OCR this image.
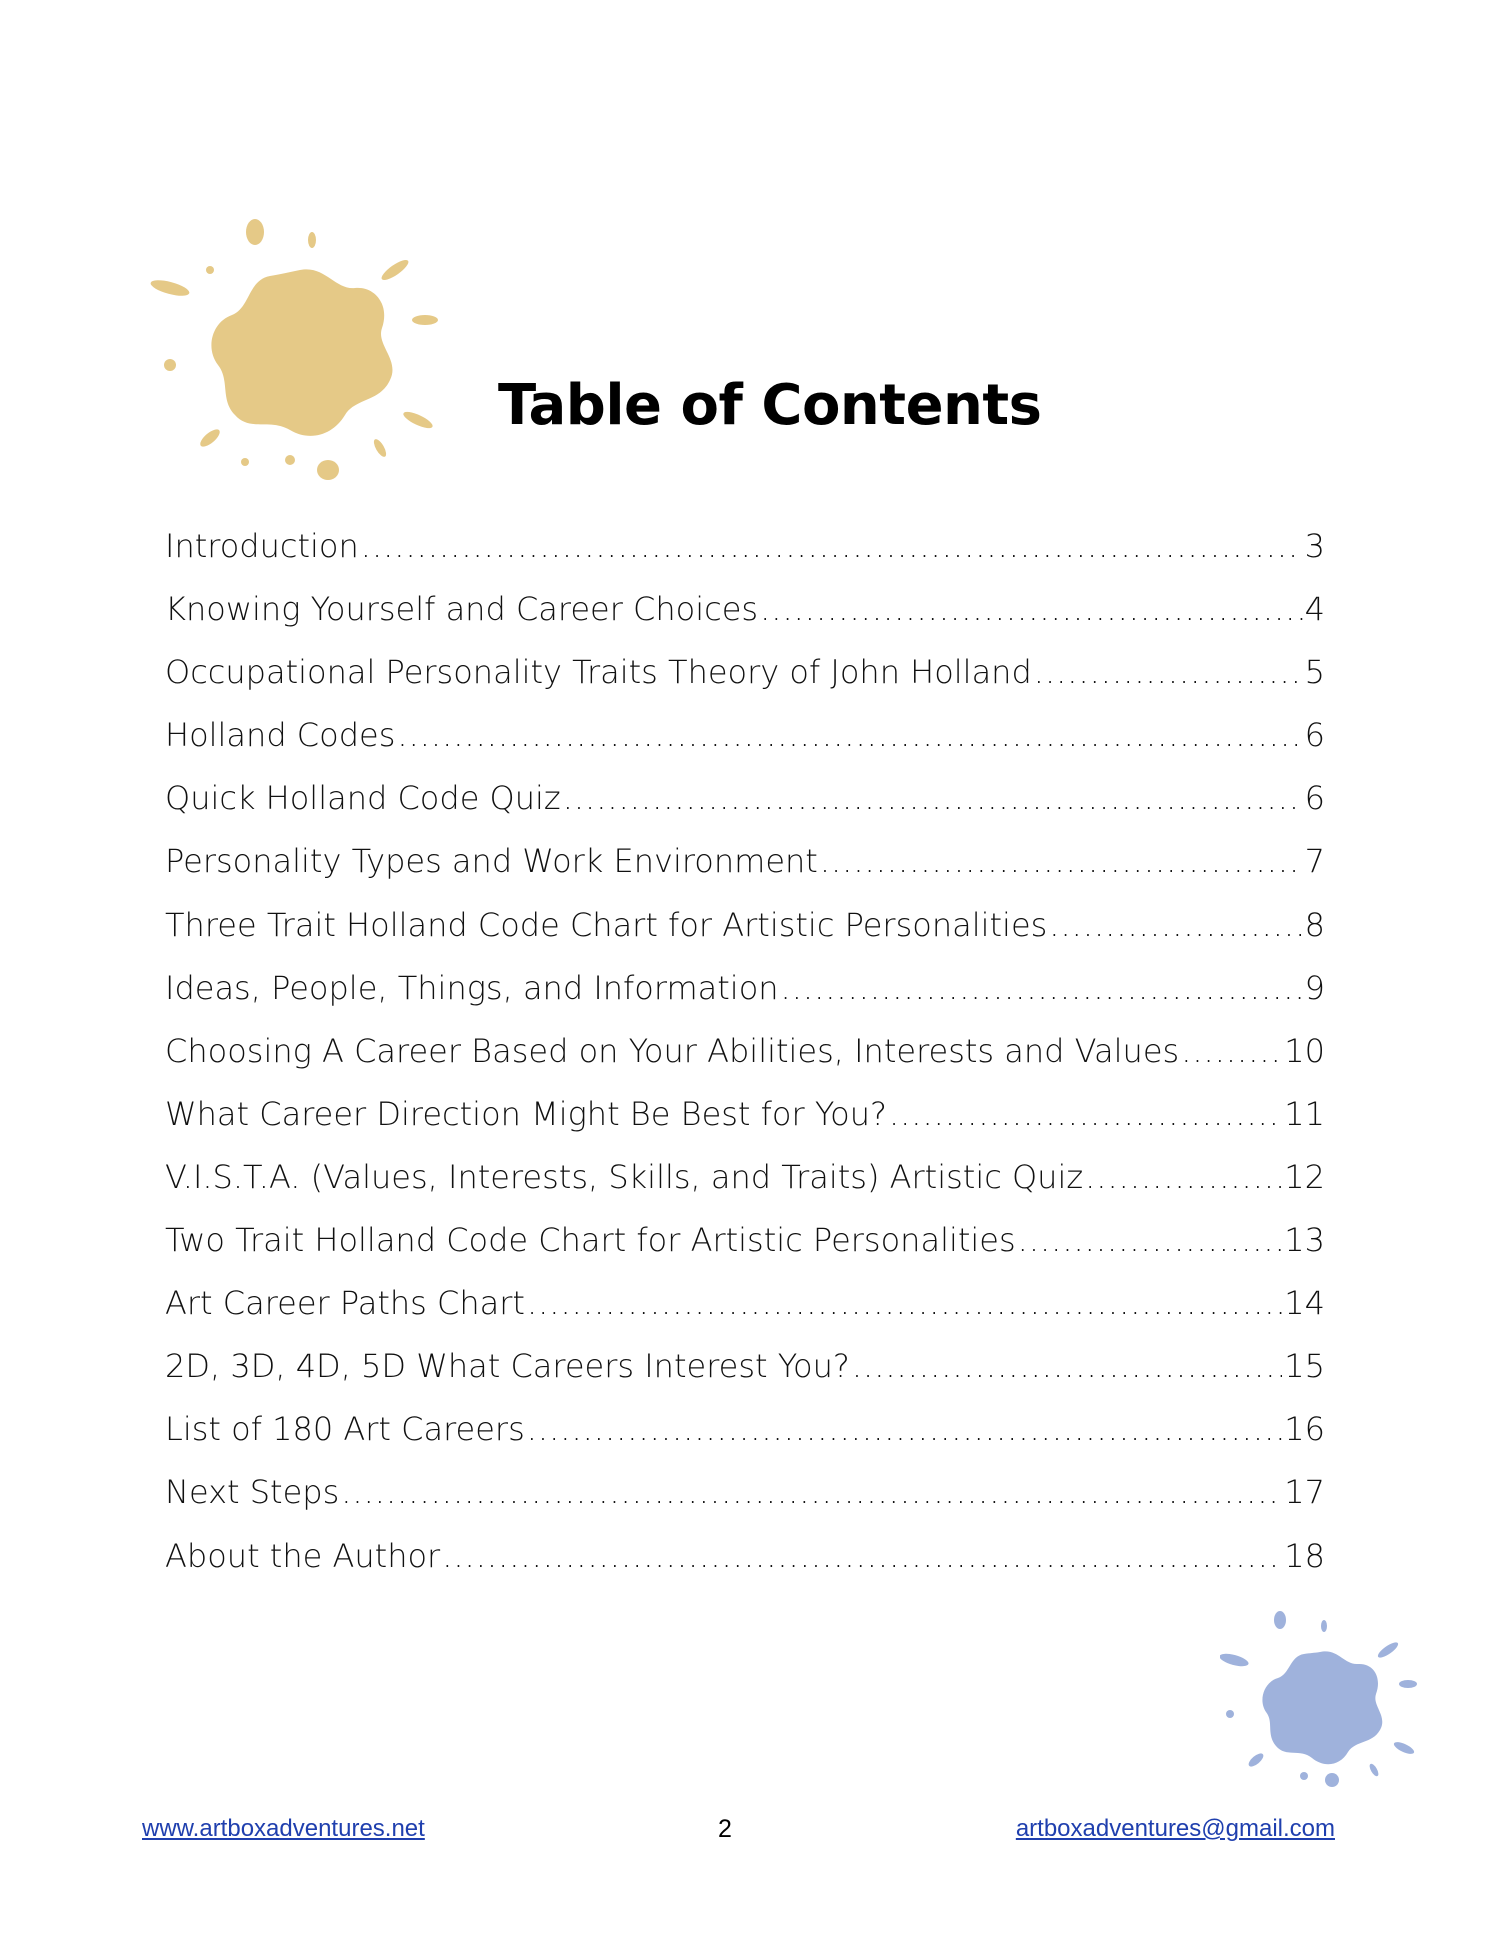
Table of Contents
Introduction .....	3
Knowing Yourself and Career Choices .....	4
Occupational Personality Traits Theory of John Holland .....	5
Holland Codes .....	6
Quick Holland Code Quiz .....	6
Personality Types and Work Environment .....	7
Three Trait Holland Code Chart for Artistic Personalities .....	8
Ideas, People, Things, and Information .....	9
Choosing A Career Based on Your Abilities, Interests and Values .....	10
What Career Direction Might Be Best for You? .....	11
V.I.S.T.A. (Values, Interests, Skills, and Traits) Artistic Quiz .....	12
Two Trait Holland Code Chart for Artistic Personalities .....	13
Art Career Paths Chart .....	14
2D, 3D, 4D, 5D What Careers Interest You? .....	15
List of 180 Art Careers .....	16
Next Steps .....	17
About the Author .....	18
www.artboxadventures.net	2	artboxadventures@gmail.com
